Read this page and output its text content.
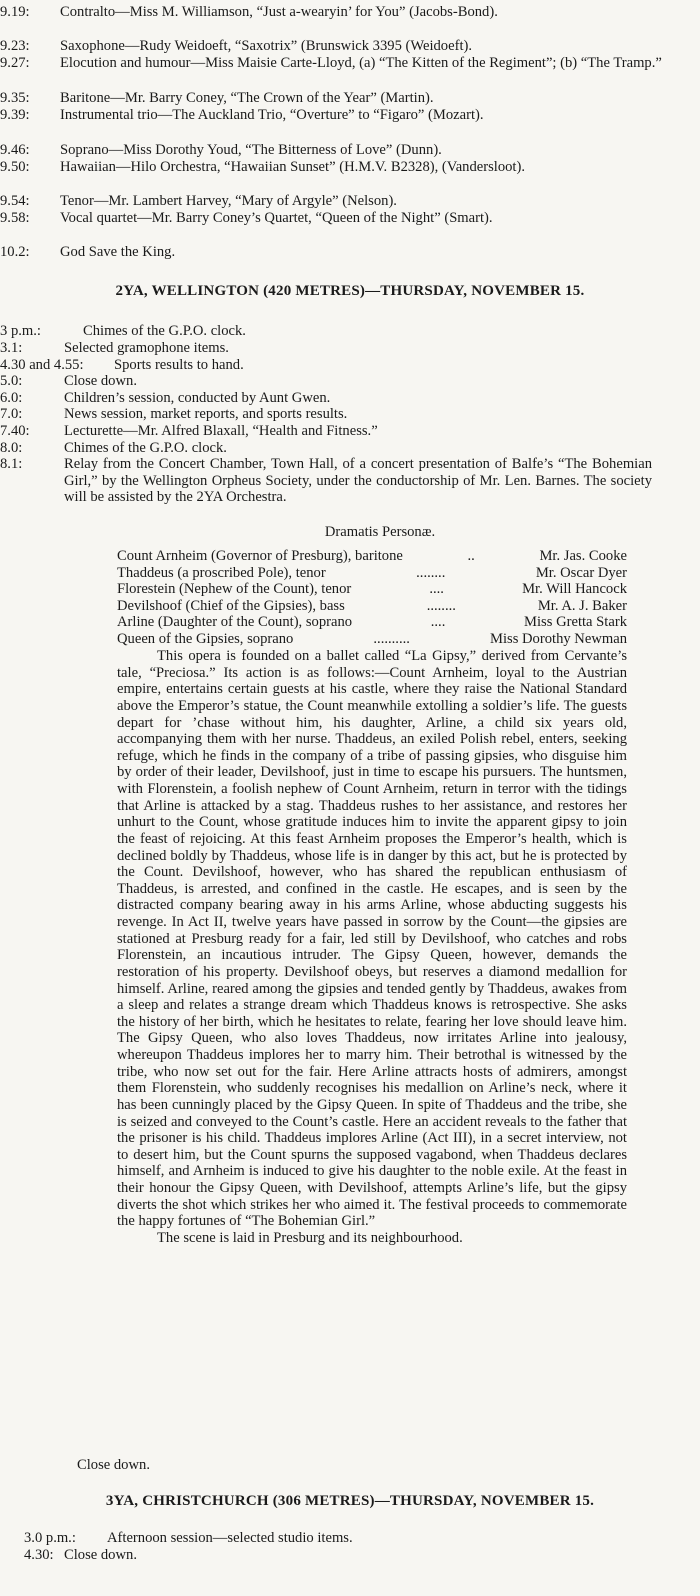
9.19:	Contralto—Miss M. Williamson, “Just a-wearyin’ for You” (Jacobs-Bond).
9.23:	Saxophone—Rudy Weidoeft, “Saxotrix” (Brunswick 3395 (Weidoeft).
9.27:	Elocution and humour—Miss Maisie Carte-Lloyd, (a) “The Kitten of the Regiment”; (b) “The Tramp.”
9.35:	Baritone—Mr. Barry Coney, “The Crown of the Year” (Martin).
9.39:	Instrumental trio—The Auckland Trio, “Overture” to “Figaro” (Mozart).
9.46:	Soprano—Miss Dorothy Youd, “The Bitterness of Love” (Dunn).
9.50:	Hawaiian—Hilo Orchestra, “Hawaiian Sunset” (H.M.V. B2328), (Vandersloot).
9.54:	Tenor—Mr. Lambert Harvey, “Mary of Argyle” (Nelson).
9.58:	Vocal quartet—Mr. Barry Coney’s Quartet, “Queen of the Night” (Smart).
10.2:	God Save the King.
2YA, WELLINGTON (420 METRES)—THURSDAY, NOVEMBER 15.
3 p.m.:	Chimes of the G.P.O. clock.
3.1:	Selected gramophone items.
4.30 and 4.55:	Sports results to hand.
5.0:	Close down.
6.0:	Children’s session, conducted by Aunt Gwen.
7.0:	News session, market reports, and sports results.
7.40:	Lecturette—Mr. Alfred Blaxall, “Health and Fitness.”
8.0:	Chimes of the G.P.O. clock.
8.1:	Relay from the Concert Chamber, Town Hall, of a concert presentation of Balfe’s “The Bohemian Girl,” by the Wellington Orpheus Society, under the conductorship of Mr. Len. Barnes. The society will be assisted by the 2YA Orchestra.
Dramatis Personæ.
Count Arnheim (Governor of Presburg), baritone	..	Mr. Jas. Cooke
Thaddeus (a proscribed Pole), tenor	........	Mr. Oscar Dyer
Florestein (Nephew of the Count), tenor	....	Mr. Will Hancock
Devilshoof (Chief of the Gipsies), bass	........	Mr. A. J. Baker
Arline (Daughter of the Count), soprano	....	Miss Gretta Stark
Queen of the Gipsies, soprano	..........	Miss Dorothy Newman

This opera is founded on a ballet called “La Gipsy,” derived from Cervante’s tale, “Preciosa.” Its action is as follows:—Count Arnheim, loyal to the Austrian empire, entertains certain guests at his castle, where they raise the National Standard above the Emperor’s statue, the Count meanwhile extolling a soldier’s life. The guests depart for ’chase without him, his daughter, Arline, a child six years old, accompanying them with her nurse. Thaddeus, an exiled Polish rebel, enters, seeking refuge, which he finds in the company of a tribe of passing gipsies, who disguise him by order of their leader, Devilshoof, just in time to escape his pursuers. The huntsmen, with Florenstein, a foolish nephew of Count Arnheim, return in terror with the tidings that Arline is attacked by a stag. Thaddeus rushes to her assistance, and restores her unhurt to the Count, whose gratitude induces him to invite the apparent gipsy to join the feast of rejoicing. At this feast Arnheim proposes the Emperor’s health, which is declined boldly by Thaddeus, whose life is in danger by this act, but he is protected by the Count. Devilshoof, however, who has shared the republican enthusiasm of Thaddeus, is arrested, and confined in the castle. He escapes, and is seen by the distracted company bearing away in his arms Arline, whose abducting suggests his revenge. In Act II, twelve years have passed in sorrow by the Count—the gipsies are stationed at Presburg ready for a fair, led still by Devilshoof, who catches and robs Florenstein, an incautious intruder. The Gipsy Queen, however, demands the restoration of his property. Devilshoof obeys, but reserves a diamond medallion for himself. Arline, reared among the gipsies and tended gently by Thaddeus, awakes from a sleep and relates a strange dream which Thaddeus knows is retrospective. She asks the history of her birth, which he hesitates to relate, fearing her love should leave him. The Gipsy Queen, who also loves Thaddeus, now irritates Arline into jealousy, whereupon Thaddeus implores her to marry him. Their betrothal is witnessed by the tribe, who now set out for the fair. Here Arline attracts hosts of admirers, amongst them Florenstein, who suddenly recognises his medallion on Arline’s neck, where it has been cunningly placed by the Gipsy Queen. In spite of Thaddeus and the tribe, she is seized and conveyed to the Count’s castle. Here an accident reveals to the father that the prisoner is his child. Thaddeus implores Arline (Act III), in a secret interview, not to desert him, but the Count spurns the supposed vagabond, when Thaddeus declares himself, and Arnheim is induced to give his daughter to the noble exile. At the feast in their honour the Gipsy Queen, with Devilshoof, attempts Arline’s life, but the gipsy diverts the shot which strikes her who aimed it. The festival proceeds to commemorate the happy fortunes of “The Bohemian Girl.”

The scene is laid in Presburg and its neighbourhood.

Close down.
3YA, CHRISTCHURCH (306 METRES)—THURSDAY, NOVEMBER 15.
3.0 p.m.:	Afternoon session—selected studio items.
4.30: Close down.
